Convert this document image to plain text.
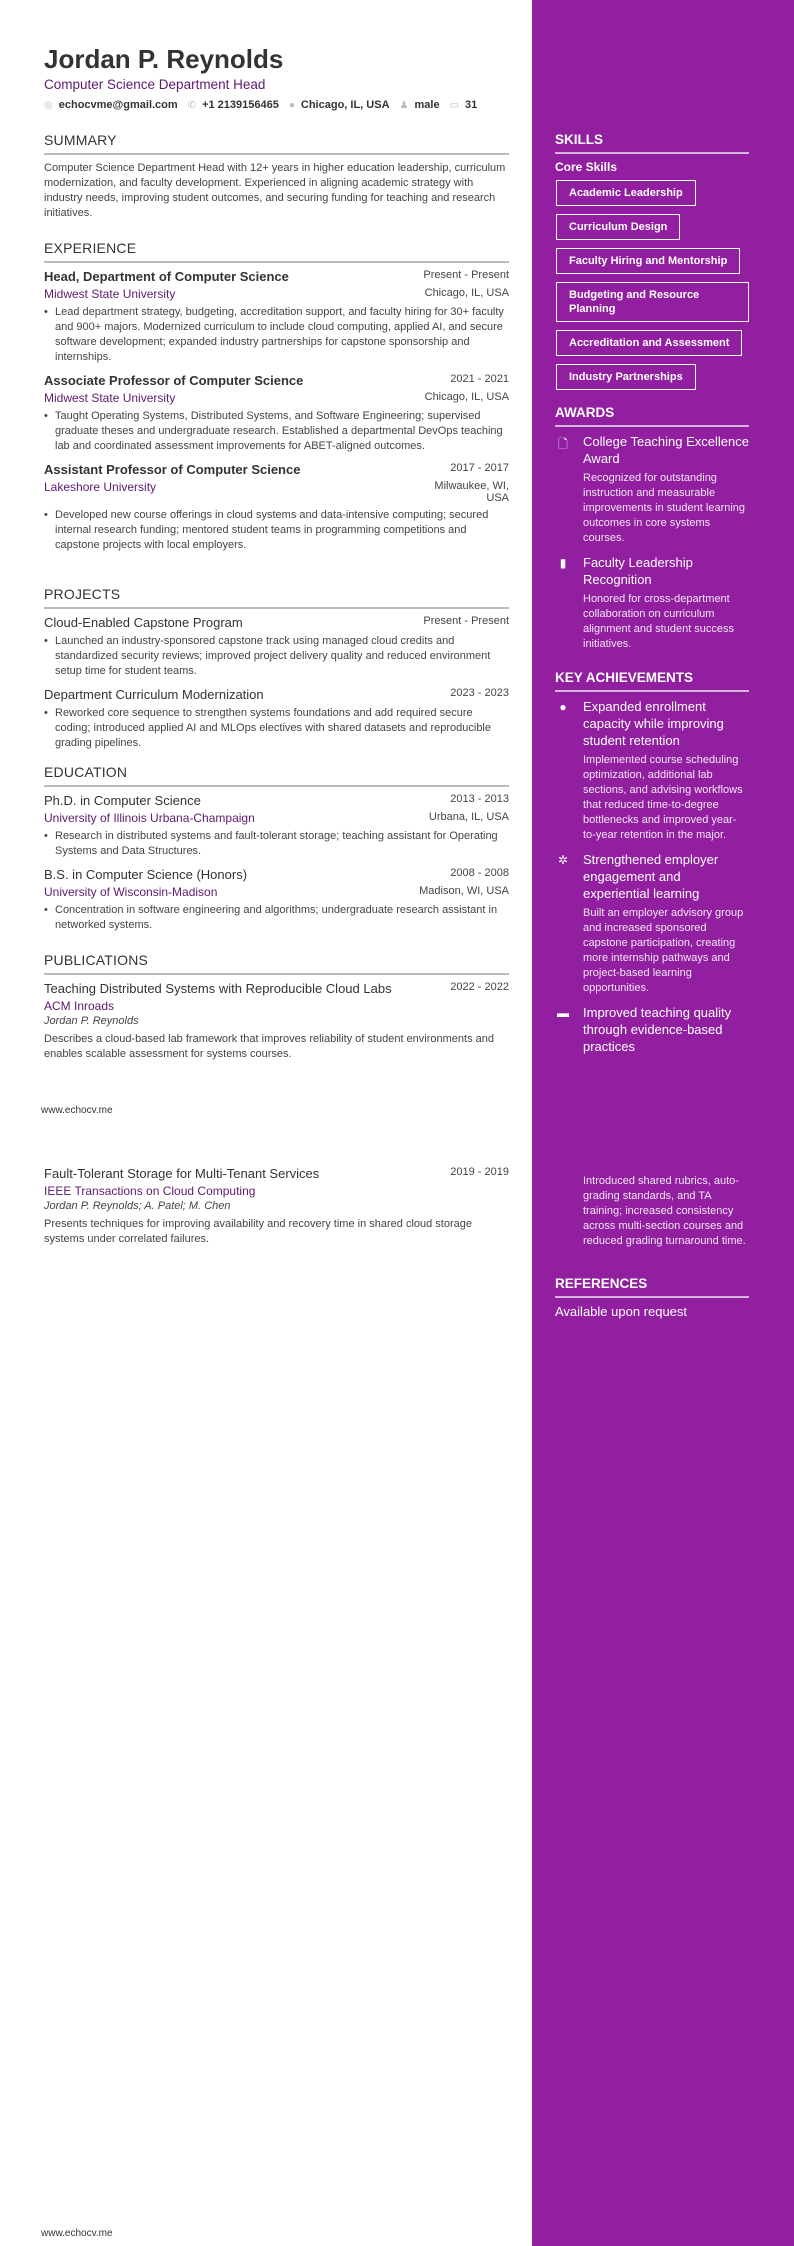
Jordan P. Reynolds
Computer Science Department Head
◎ echocvme@gmail.com ✆ +1 2139156465 ● Chicago, IL, USA ♟ male ▭ 31
SUMMARY
Computer Science Department Head with 12+ years in higher education leadership, curriculum modernization, and faculty development. Experienced in aligning academic strategy with industry needs, improving student outcomes, and securing funding for teaching and research initiatives.
EXPERIENCE
Head, Department of Computer Science	Present - Present
Midwest State University	Chicago, IL, USA
• Lead department strategy, budgeting, accreditation support, and faculty hiring for 30+ faculty and 900+ majors. Modernized curriculum to include cloud computing, applied AI, and secure software development; expanded industry partnerships for capstone sponsorship and internships.
Associate Professor of Computer Science	2021 - 2021
Midwest State University	Chicago, IL, USA
• Taught Operating Systems, Distributed Systems, and Software Engineering; supervised graduate theses and undergraduate research. Established a departmental DevOps teaching lab and coordinated assessment improvements for ABET-aligned outcomes.
Assistant Professor of Computer Science	2017 - 2017
Lakeshore University	Milwaukee, WI, USA
• Developed new course offerings in cloud systems and data-intensive computing; secured internal research funding; mentored student teams in programming competitions and capstone projects with local employers.
PROJECTS
Cloud-Enabled Capstone Program	Present - Present
• Launched an industry-sponsored capstone track using managed cloud credits and standardized security reviews; improved project delivery quality and reduced environment setup time for student teams.
Department Curriculum Modernization	2023 - 2023
• Reworked core sequence to strengthen systems foundations and add required secure coding; introduced applied AI and MLOps electives with shared datasets and reproducible grading pipelines.
EDUCATION
Ph.D. in Computer Science	2013 - 2013
University of Illinois Urbana-Champaign	Urbana, IL, USA
• Research in distributed systems and fault-tolerant storage; teaching assistant for Operating Systems and Data Structures.
B.S. in Computer Science (Honors)	2008 - 2008
University of Wisconsin-Madison	Madison, WI, USA
• Concentration in software engineering and algorithms; undergraduate research assistant in networked systems.
PUBLICATIONS
Teaching Distributed Systems with Reproducible Cloud Labs	2022 - 2022
ACM Inroads
Jordan P. Reynolds
Describes a cloud-based lab framework that improves reliability of student environments and enables scalable assessment for systems courses.
www.echocv.me
Fault-Tolerant Storage for Multi-Tenant Services	2019 - 2019
IEEE Transactions on Cloud Computing
Jordan P. Reynolds; A. Patel; M. Chen
Presents techniques for improving availability and recovery time in shared cloud storage systems under correlated failures.
www.echocv.me
SKILLS
Core Skills
Academic Leadership
Curriculum Design
Faculty Hiring and Mentorship
Budgeting and Resource Planning
Accreditation and Assessment
Industry Partnerships
AWARDS
🗋 College Teaching Excellence Award
Recognized for outstanding instruction and measurable improvements in student learning outcomes in core systems courses.
▮	Faculty Leadership Recognition
Honored for cross-department collaboration on curriculum alignment and student success initiatives.
KEY ACHIEVEMENTS
●	Expanded enrollment capacity while improving student retention
Implemented course scheduling optimization, additional lab sections, and advising workflows that reduced time-to-degree bottlenecks and improved year-to-year retention in the major.
✲ Strengthened employer engagement and experiential learning
Built an employer advisory group and increased sponsored capstone participation, creating more internship pathways and project-based learning opportunities.
▬ Improved teaching quality through evidence-based practices
Introduced shared rubrics, auto-grading standards, and TA training; increased consistency across multi-section courses and reduced grading turnaround time.
REFERENCES
Available upon request
